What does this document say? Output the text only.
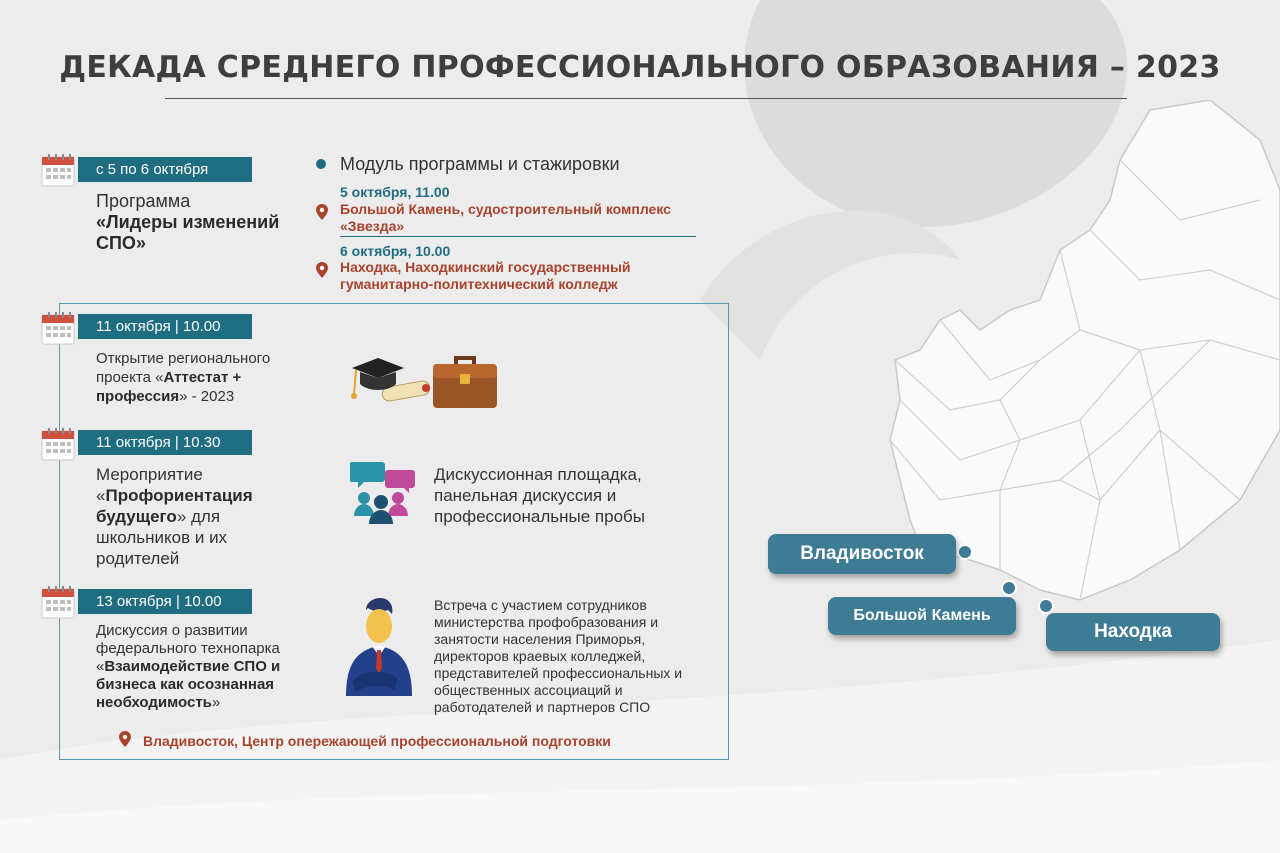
ДЕКАДА СРЕДНЕГО ПРОФЕССИОНАЛЬНОГО ОБРАЗОВАНИЯ – 2023
Владивосток
Большой Камень
Находка
с 5 по 6 октября

Программа
«Лидеры изменений СПО»

Модуль программы и стажировки
5 октября, 11.00
Большой Камень, судостроительный комплекс «Звезда»
6 октября, 10.00
Находка, Находкинский государственный гуманитарно-политехнический колледж
11 октября | 10.00

Открытие регионального проекта «Аттестат + профессия» - 2023

11 октября | 10.30

Мероприятие «Профориентация будущего» для школьников и их родителей

Дискуссионная площадка, панельная дискуссия и профессиональные пробы

13 октября | 10.00

Дискуссия о развитии федерального технопарка «Взаимодействие СПО и бизнеса как осознанная необходимость»

Встреча с участием сотрудников министерства профобразования и занятости населения Приморья, директоров краевых колледжей, представителей профессиональных и общественных ассоциаций и работодателей и партнеров СПО

Владивосток, Центр опережающей профессиональной подготовки
